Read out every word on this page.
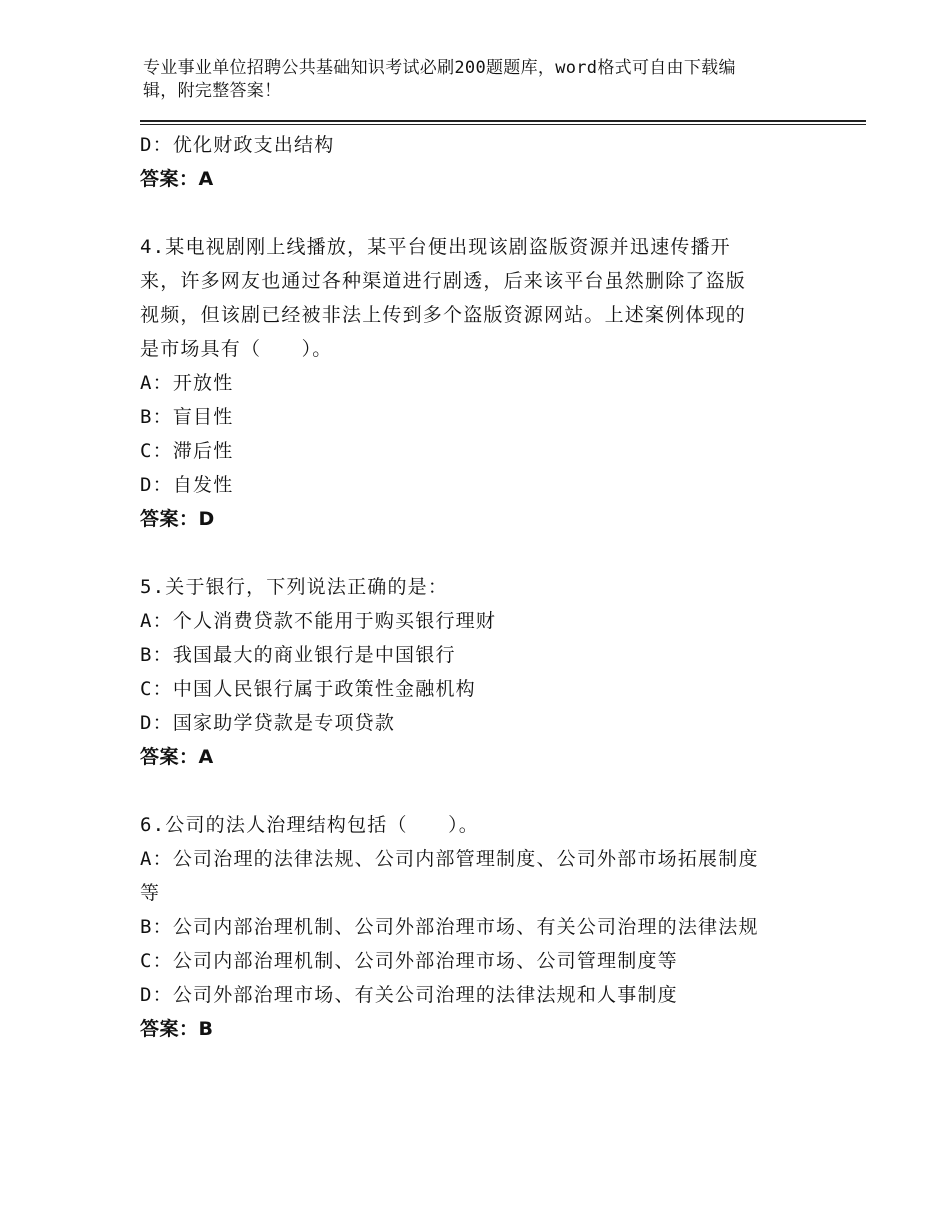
专业事业单位招聘公共基础知识考试必刷200题题库，word格式可自由下载编
辑，附完整答案！
D：优化财政支出结构
答案：A
4.某电视剧刚上线播放，某平台便出现该剧盗版资源并迅速传播开
来，许多网友也通过各种渠道进行剧透，后来该平台虽然删除了盗版
视频，但该剧已经被非法上传到多个盗版资源网站。上述案例体现的
是市场具有（　　）。
A：开放性
B：盲目性
C：滞后性
D：自发性
答案：D
5.关于银行，下列说法正确的是：
A：个人消费贷款不能用于购买银行理财
B：我国最大的商业银行是中国银行
C：中国人民银行属于政策性金融机构
D：国家助学贷款是专项贷款
答案：A
6.公司的法人治理结构包括（　　）。
A：公司治理的法律法规、公司内部管理制度、公司外部市场拓展制度
等
B：公司内部治理机制、公司外部治理市场、有关公司治理的法律法规
C：公司内部治理机制、公司外部治理市场、公司管理制度等
D：公司外部治理市场、有关公司治理的法律法规和人事制度
答案：B
